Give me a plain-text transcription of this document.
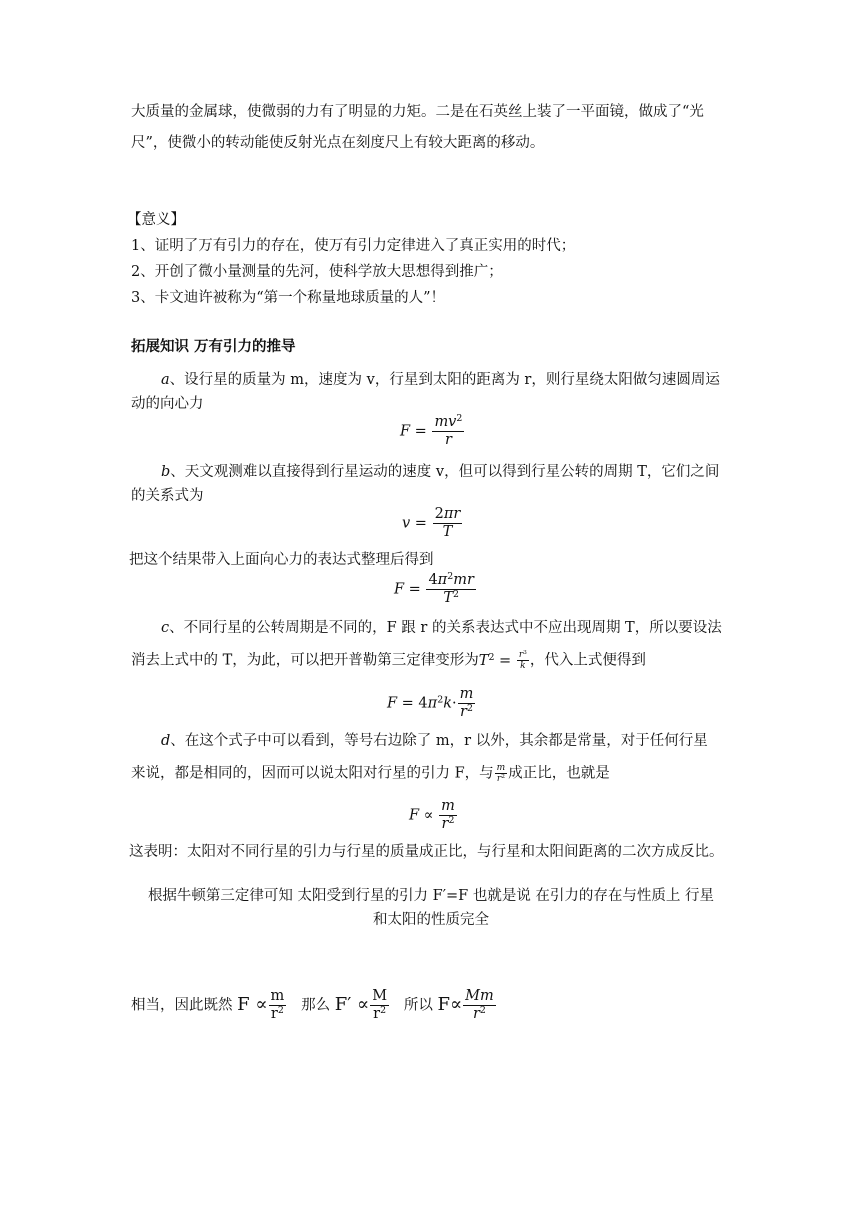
大质量的金属球，使微弱的力有了明显的力矩。二是在石英丝上装了一平面镜，做成了“光
尺”，使微小的转动能使反射光点在刻度尺上有较大距离的移动。
【意义】
1、证明了万有引力的存在，使万有引力定律进入了真正实用的时代；
2、开创了微小量测量的先河，使科学放大思想得到推广；
3、卡文迪许被称为“第一个称量地球质量的人”！
拓展知识 万有引力的推导
a、设行星的质量为 m，速度为 v，行星到太阳的距离为 r，则行星绕太阳做匀速圆周运
动的向心力
$F = \frac{mv^2}{r}$
b、天文观测难以直接得到行星运动的速度 v，但可以得到行星公转的周期 T，它们之间
的关系式为
$v = \frac{2\pi r}{T}$
把这个结果带入上面向心力的表达式整理后得到
$F = \frac{4\pi^2mr}{T^2}$
c、不同行星的公转周期是不同的，F 跟 r 的关系表达式中不应出现周期 T，所以要设法
消去上式中的 T，为此，可以把开普勒第三定律变形为$T^2 = \frac{r^3}{k}$ ，代入上式便得到
$F = 4\pi^2k\cdot \frac{m}{r^2}$
d、在这个式子中可以看到，等号右边除了 m，r 以外，其余都是常量，对于任何行星
来说，都是相同的，因而可以说太阳对行星的引力 F，与 $\frac{m}{r^2}$ 成正比，也就是
$F \propto \frac{m}{r^2}$
这表明：太阳对不同行星的引力与行星的质量成正比，与行星和太阳间距离的二次方成反比。
根据牛顿第三定律可知 太阳受到行星的引力 F′=F 也就是说 在引力的存在与性质上 行星
和太阳的性质完全
相当，因此既然 $F \propto \frac{m}{r^2}$ 那么 $F' \propto \frac{M}{r^2}$ 所以 $F\propto \frac{Mm}{r^2}$
